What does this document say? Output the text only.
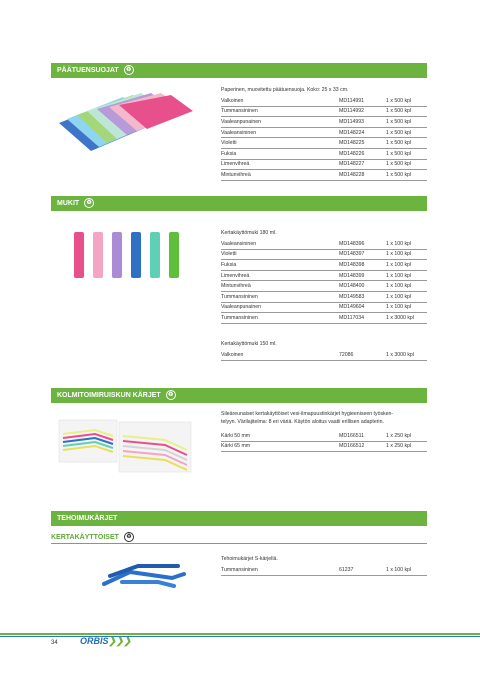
PÄÄTUENSUOJAT ♻
Paperinen, muovitettu päätuensuoja. Koko: 25 x 33 cm.
Valkoinen	MD114991	1 x 500 kpl
Tummansininen	MD114992	1 x 500 kpl
Vaaleanpunainen	MD114993	1 x 500 kpl
Vaaleansininen	MD148224	1 x 500 kpl
Violetti	MD148225	1 x 500 kpl
Fuksia	MD148226	1 x 500 kpl
Limenvihreä	MD148227	1 x 500 kpl
Mintunvihreä	MD148228	1 x 500 kpl
MUKIT ♻
Kertakäyttömuki 180 ml.
Vaaleansininen	MD148396	1 x 100 kpl
Violetti	MD148397	1 x 100 kpl
Fuksia	MD148398	1 x 100 kpl
Limenvihreä	MD148399	1 x 100 kpl
Mintunvihreä	MD148400	1 x 100 kpl
Tummansininen	MD149583	1 x 100 kpl
Vaaleanpunainen	MD149604	1 x 100 kpl
Tummansininen	MD117034	1 x 3000 kpl
Kertakäyttömuki 150 ml.
Valkoinen	72086	1 x 3000 kpl
KOLMITOIMIRUISKUN KÄRJET ♻
Sileäreunaiset kertakäyttöiset vesi-ilmapuustinkärjet hygieeniseen työsken-
telyyn. Värilajitelma: 8 eri väriä. Käytön aloitus vaatii erillisen adapterin.
Kärki 50 mm	MD166511	1 x 250 kpl
Kärki 65 mm	MD166512	1 x 250 kpl
TEHOIMUKÄRJET
KERTAKÄYTTÖISET ♻
Tehoimukärjet S-kärjellä.
Tummansininen	61237	1 x 100 kpl
34 ORBIS❯❯❯
